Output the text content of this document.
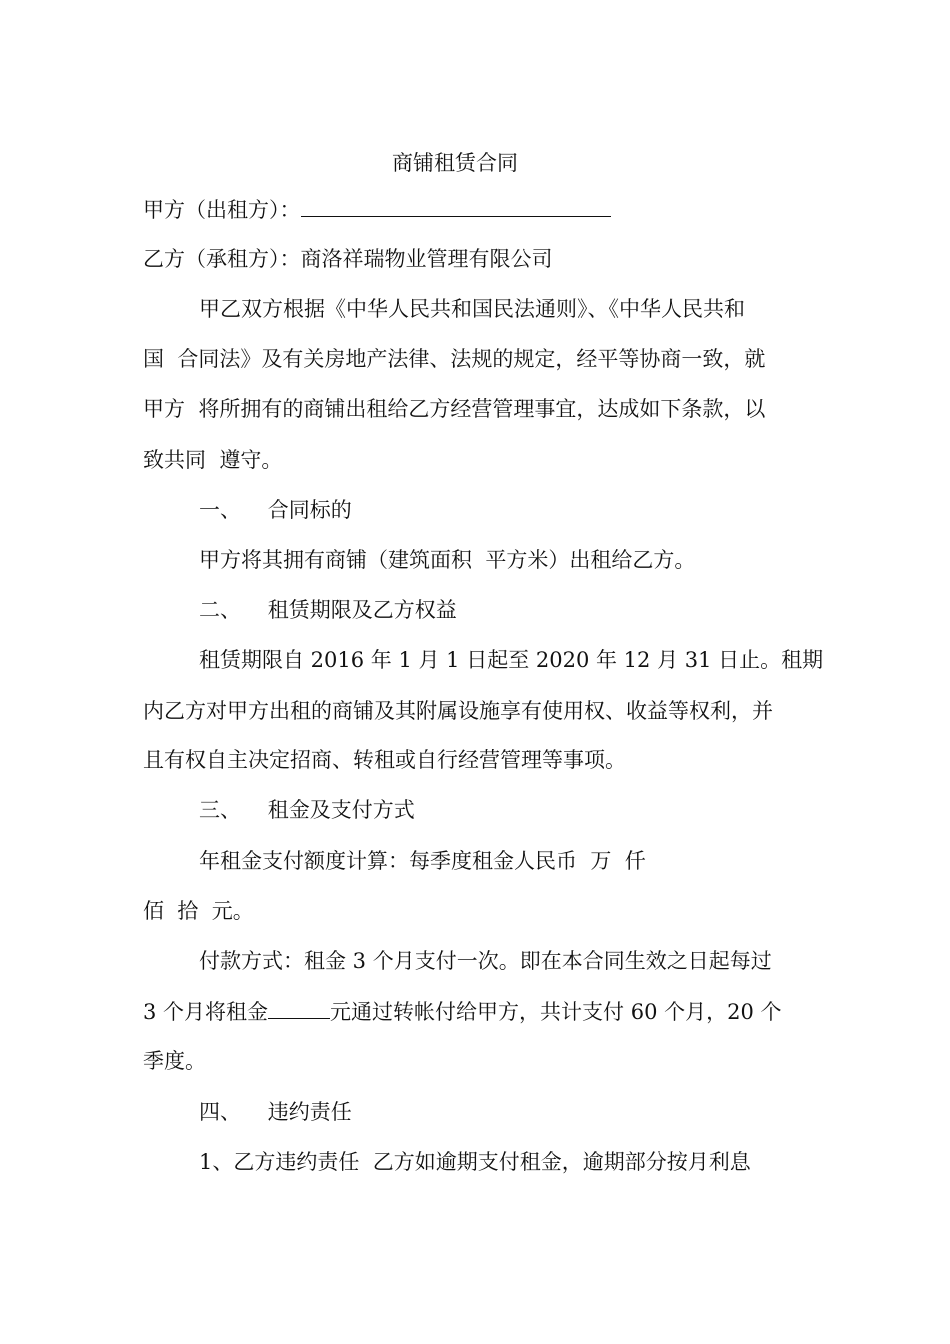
商铺租赁合同
甲方（出租方）：
乙方（承租方）：商洛祥瑞物业管理有限公司
甲乙双方根据《中华人民共和国民法通则》、《中华人民共和
国  合同法》及有关房地产法律、法规的规定，经平等协商一致，就
甲方  将所拥有的商铺出租给乙方经营管理事宜，达成如下条款，以
致共同  遵守。
一、    合同标的
甲方将其拥有商铺（建筑面积  平方米）出租给乙方。
二、    租赁期限及乙方权益
租赁期限自 2016 年 1 月 1 日起至 2020 年 12 月 31 日止。租期
内乙方对甲方出租的商铺及其附属设施享有使用权、收益等权利，并
且有权自主决定招商、转租或自行经营管理等事项。
三、    租金及支付方式
年租金支付额度计算：每季度租金人民币  万  仟
佰  拾  元。
付款方式：租金 3 个月支付一次。即在本合同生效之日起每过
3 个月将租金	元通过转帐付给甲方，共计支付 60 个月，20 个
季度。
四、    违约责任
1、乙方违约责任  乙方如逾期支付租金，逾期部分按月利息
